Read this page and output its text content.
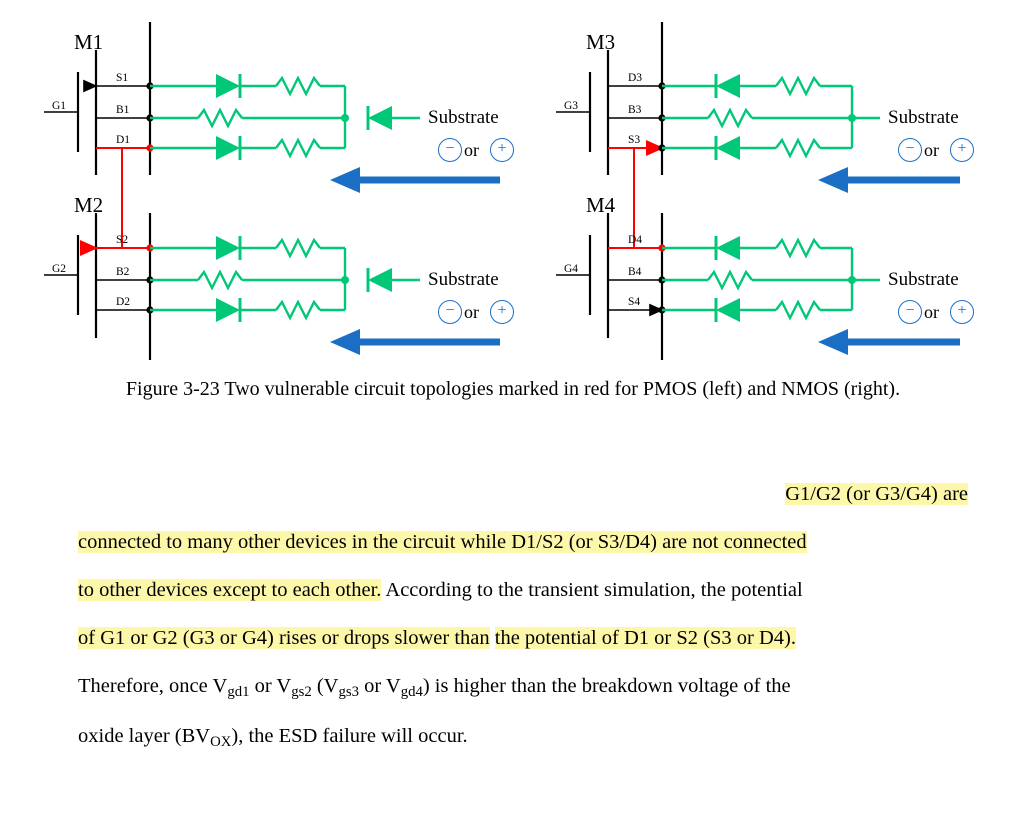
M1
G1
S1
B1
D1
Substrate
− or	+
M2
G2
S2
B2
D2
Substrate
− or	+
M3
G3
D3
B3
S3
Substrate
− or	+
M4
G4
D4
B4
S4
Substrate
− or	+
Figure 3-23 Two vulnerable circuit topologies marked in red for PMOS (left) and NMOS (right).

G1/G2 (or G3/G4) are

connected to many other devices in the circuit while D1/S2 (or S3/D4) are not connected

to other devices except to each other. According to the transient simulation, the potential

of G1 or G2 (G3 or G4) rises or drops slower than the potential of D1 or S2 (S3 or D4).

Therefore, once $V_{gd1}$ or $V_{gs2}$ ($V_{gs3}$ or $V_{gd4}$) is higher than the breakdown voltage of the

oxide layer $(BV_{OX})$, the ESD failure will occur.
